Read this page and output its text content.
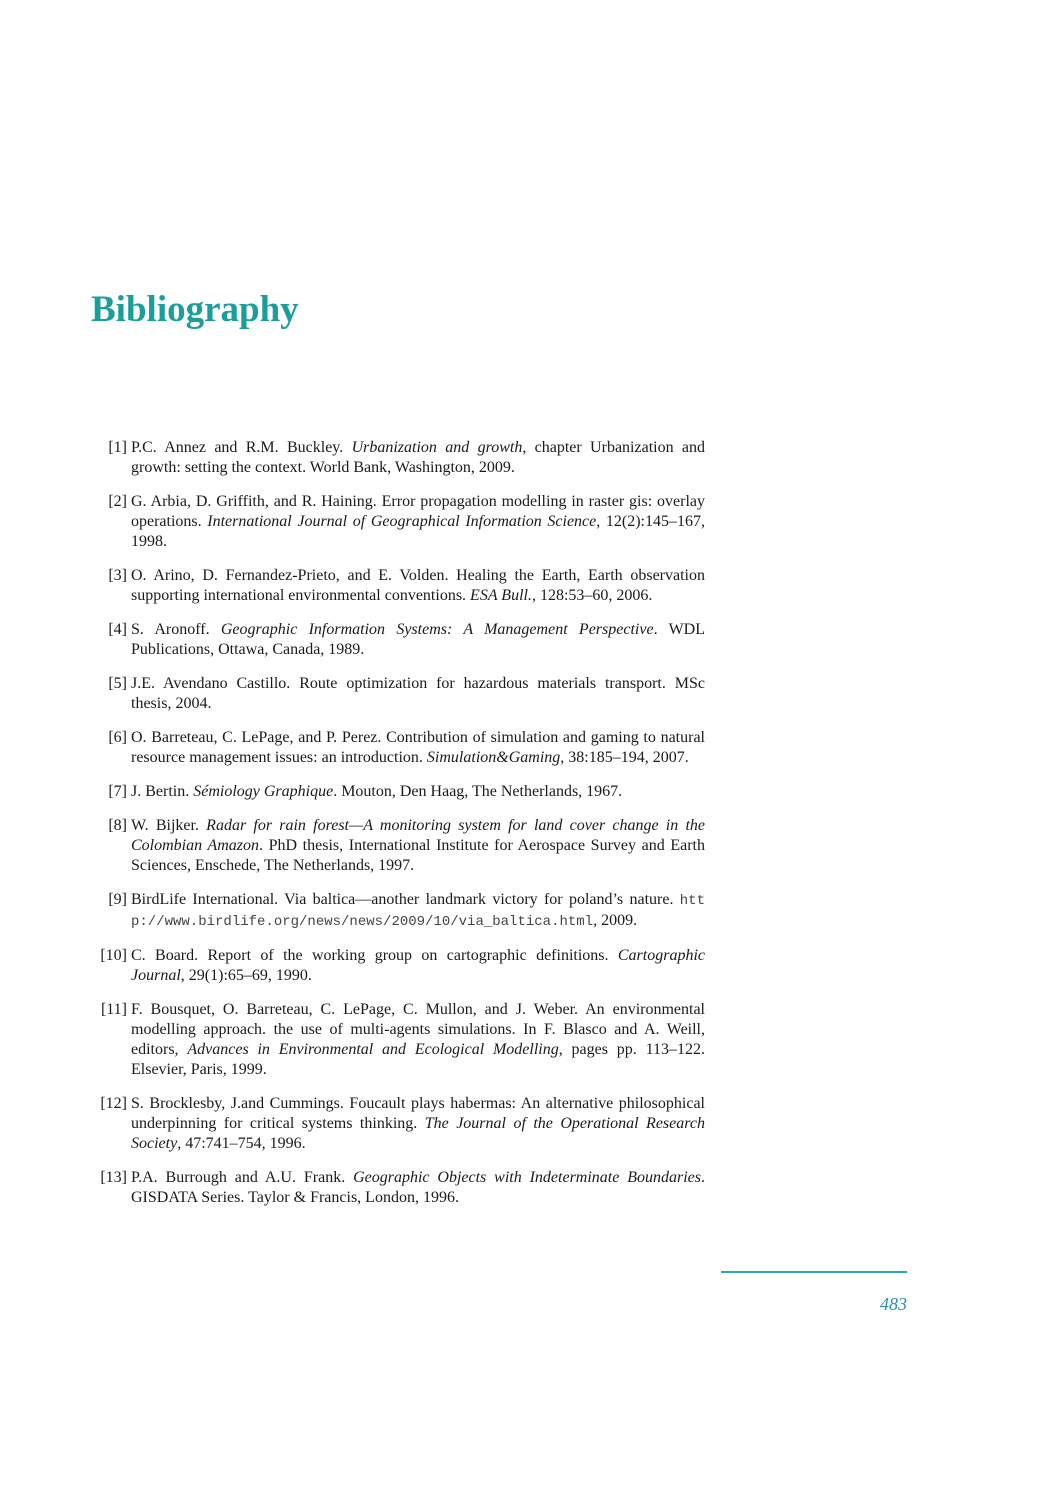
Bibliography
[1] P.C. Annez and R.M. Buckley. Urbanization and growth, chapter Urbanization and growth: setting the context. World Bank, Washington, 2009.
[2] G. Arbia, D. Griffith, and R. Haining. Error propagation modelling in raster gis: overlay operations. International Journal of Geographical Information Science, 12(2):145–167, 1998.
[3] O. Arino, D. Fernandez-Prieto, and E. Volden. Healing the Earth, Earth observation supporting international environmental conventions. ESA Bull., 128:53–60, 2006.
[4] S. Aronoff. Geographic Information Systems: A Management Perspective. WDL Publications, Ottawa, Canada, 1989.
[5] J.E. Avendano Castillo. Route optimization for hazardous materials transport. MSc thesis, 2004.
[6] O. Barreteau, C. LePage, and P. Perez. Contribution of simulation and gaming to natural resource management issues: an introduction. Simulation&Gaming, 38:185–194, 2007.
[7] J. Bertin. Sémiology Graphique. Mouton, Den Haag, The Netherlands, 1967.
[8] W. Bijker. Radar for rain forest—A monitoring system for land cover change in the Colombian Amazon. PhD thesis, International Institute for Aerospace Survey and Earth Sciences, Enschede, The Netherlands, 1997.
[9] BirdLife International. Via baltica—another landmark victory for poland’s nature. http://www.birdlife.org/news/news/2009/10/via_baltica.html, 2009.
[10] C. Board. Report of the working group on cartographic definitions. Cartographic Journal, 29(1):65–69, 1990.
[11] F. Bousquet, O. Barreteau, C. LePage, C. Mullon, and J. Weber. An environmental modelling approach. the use of multi-agents simulations. In F. Blasco and A. Weill, editors, Advances in Environmental and Ecological Modelling, pages pp. 113–122. Elsevier, Paris, 1999.
[12] S. Brocklesby, J.and Cummings. Foucault plays habermas: An alternative philosophical underpinning for critical systems thinking. The Journal of the Operational Research Society, 47:741–754, 1996.
[13] P.A. Burrough and A.U. Frank. Geographic Objects with Indeterminate Boundaries. GISDATA Series. Taylor & Francis, London, 1996.
483
